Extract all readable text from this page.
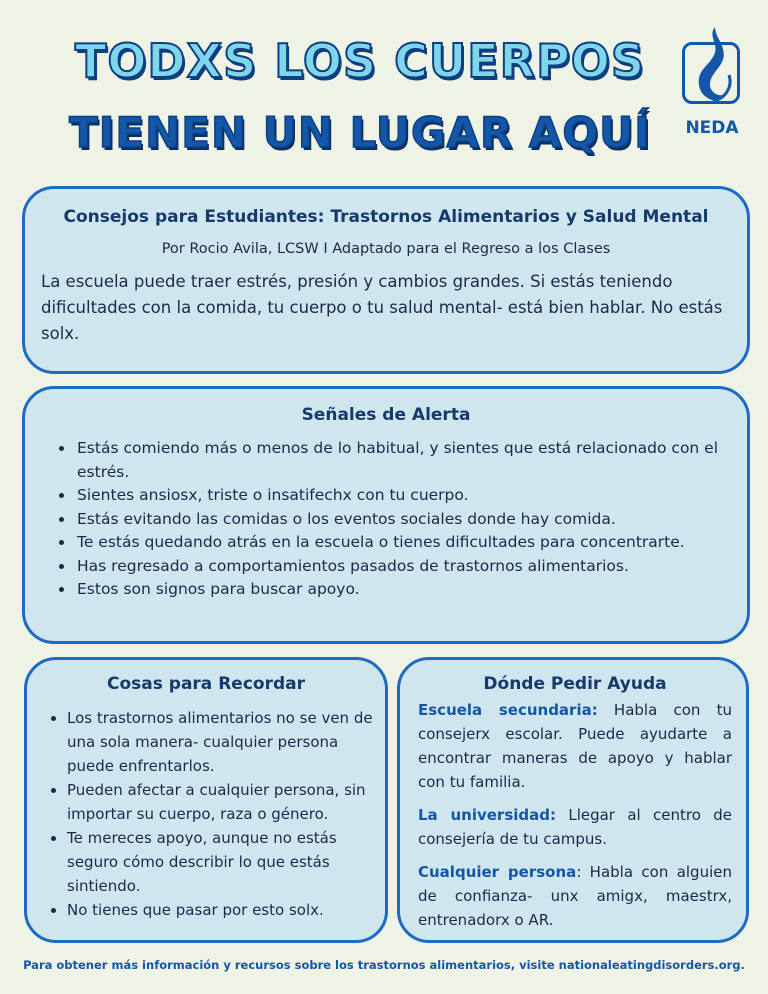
TODXS LOS CUERPOS
TIENEN UN LUGAR AQUÍ	NEDA
Consejos para Estudiantes: Trastornos Alimentarios y Salud Mental
Por Rocio Avila, LCSW I Adaptado para el Regreso a los Clases
La escuela puede traer estrés, presión y cambios grandes. Si estás teniendo dificultades con la comida, tu cuerpo o tu salud mental- está bien hablar. No estás solx.
Señales de Alerta
• Estás comiendo más o menos de lo habitual, y sientes que está relacionado con el estrés.
• Sientes ansiosx, triste o insatifechx con tu cuerpo.
• Estás evitando las comidas o los eventos sociales donde hay comida.
• Te estás quedando atrás en la escuela o tienes dificultades para concentrarte.
• Has regresado a comportamientos pasados de trastornos alimentarios.
• Estos son signos para buscar apoyo.
Cosas para Recordar
• Los trastornos alimentarios no se ven de una sola manera- cualquier persona puede enfrentarlos.
• Pueden afectar a cualquier persona, sin importar su cuerpo, raza o género.
• Te mereces apoyo, aunque no estás seguro cómo describir lo que estás sintiendo.
• No tienes que pasar por esto solx.
Dónde Pedir Ayuda

Escuela secundaria: Habla con tu consejerx escolar. Puede ayudarte a encontrar maneras de apoyo y hablar con tu familia.

La universidad: Llegar al centro de consejería de tu campus.

Cualquier persona: Habla con alguien de confianza- unx amigx, maestrx, entrenadorx o AR.

Para obtener más información y recursos sobre los trastornos alimentarios, visite nationaleatingdisorders.org.
